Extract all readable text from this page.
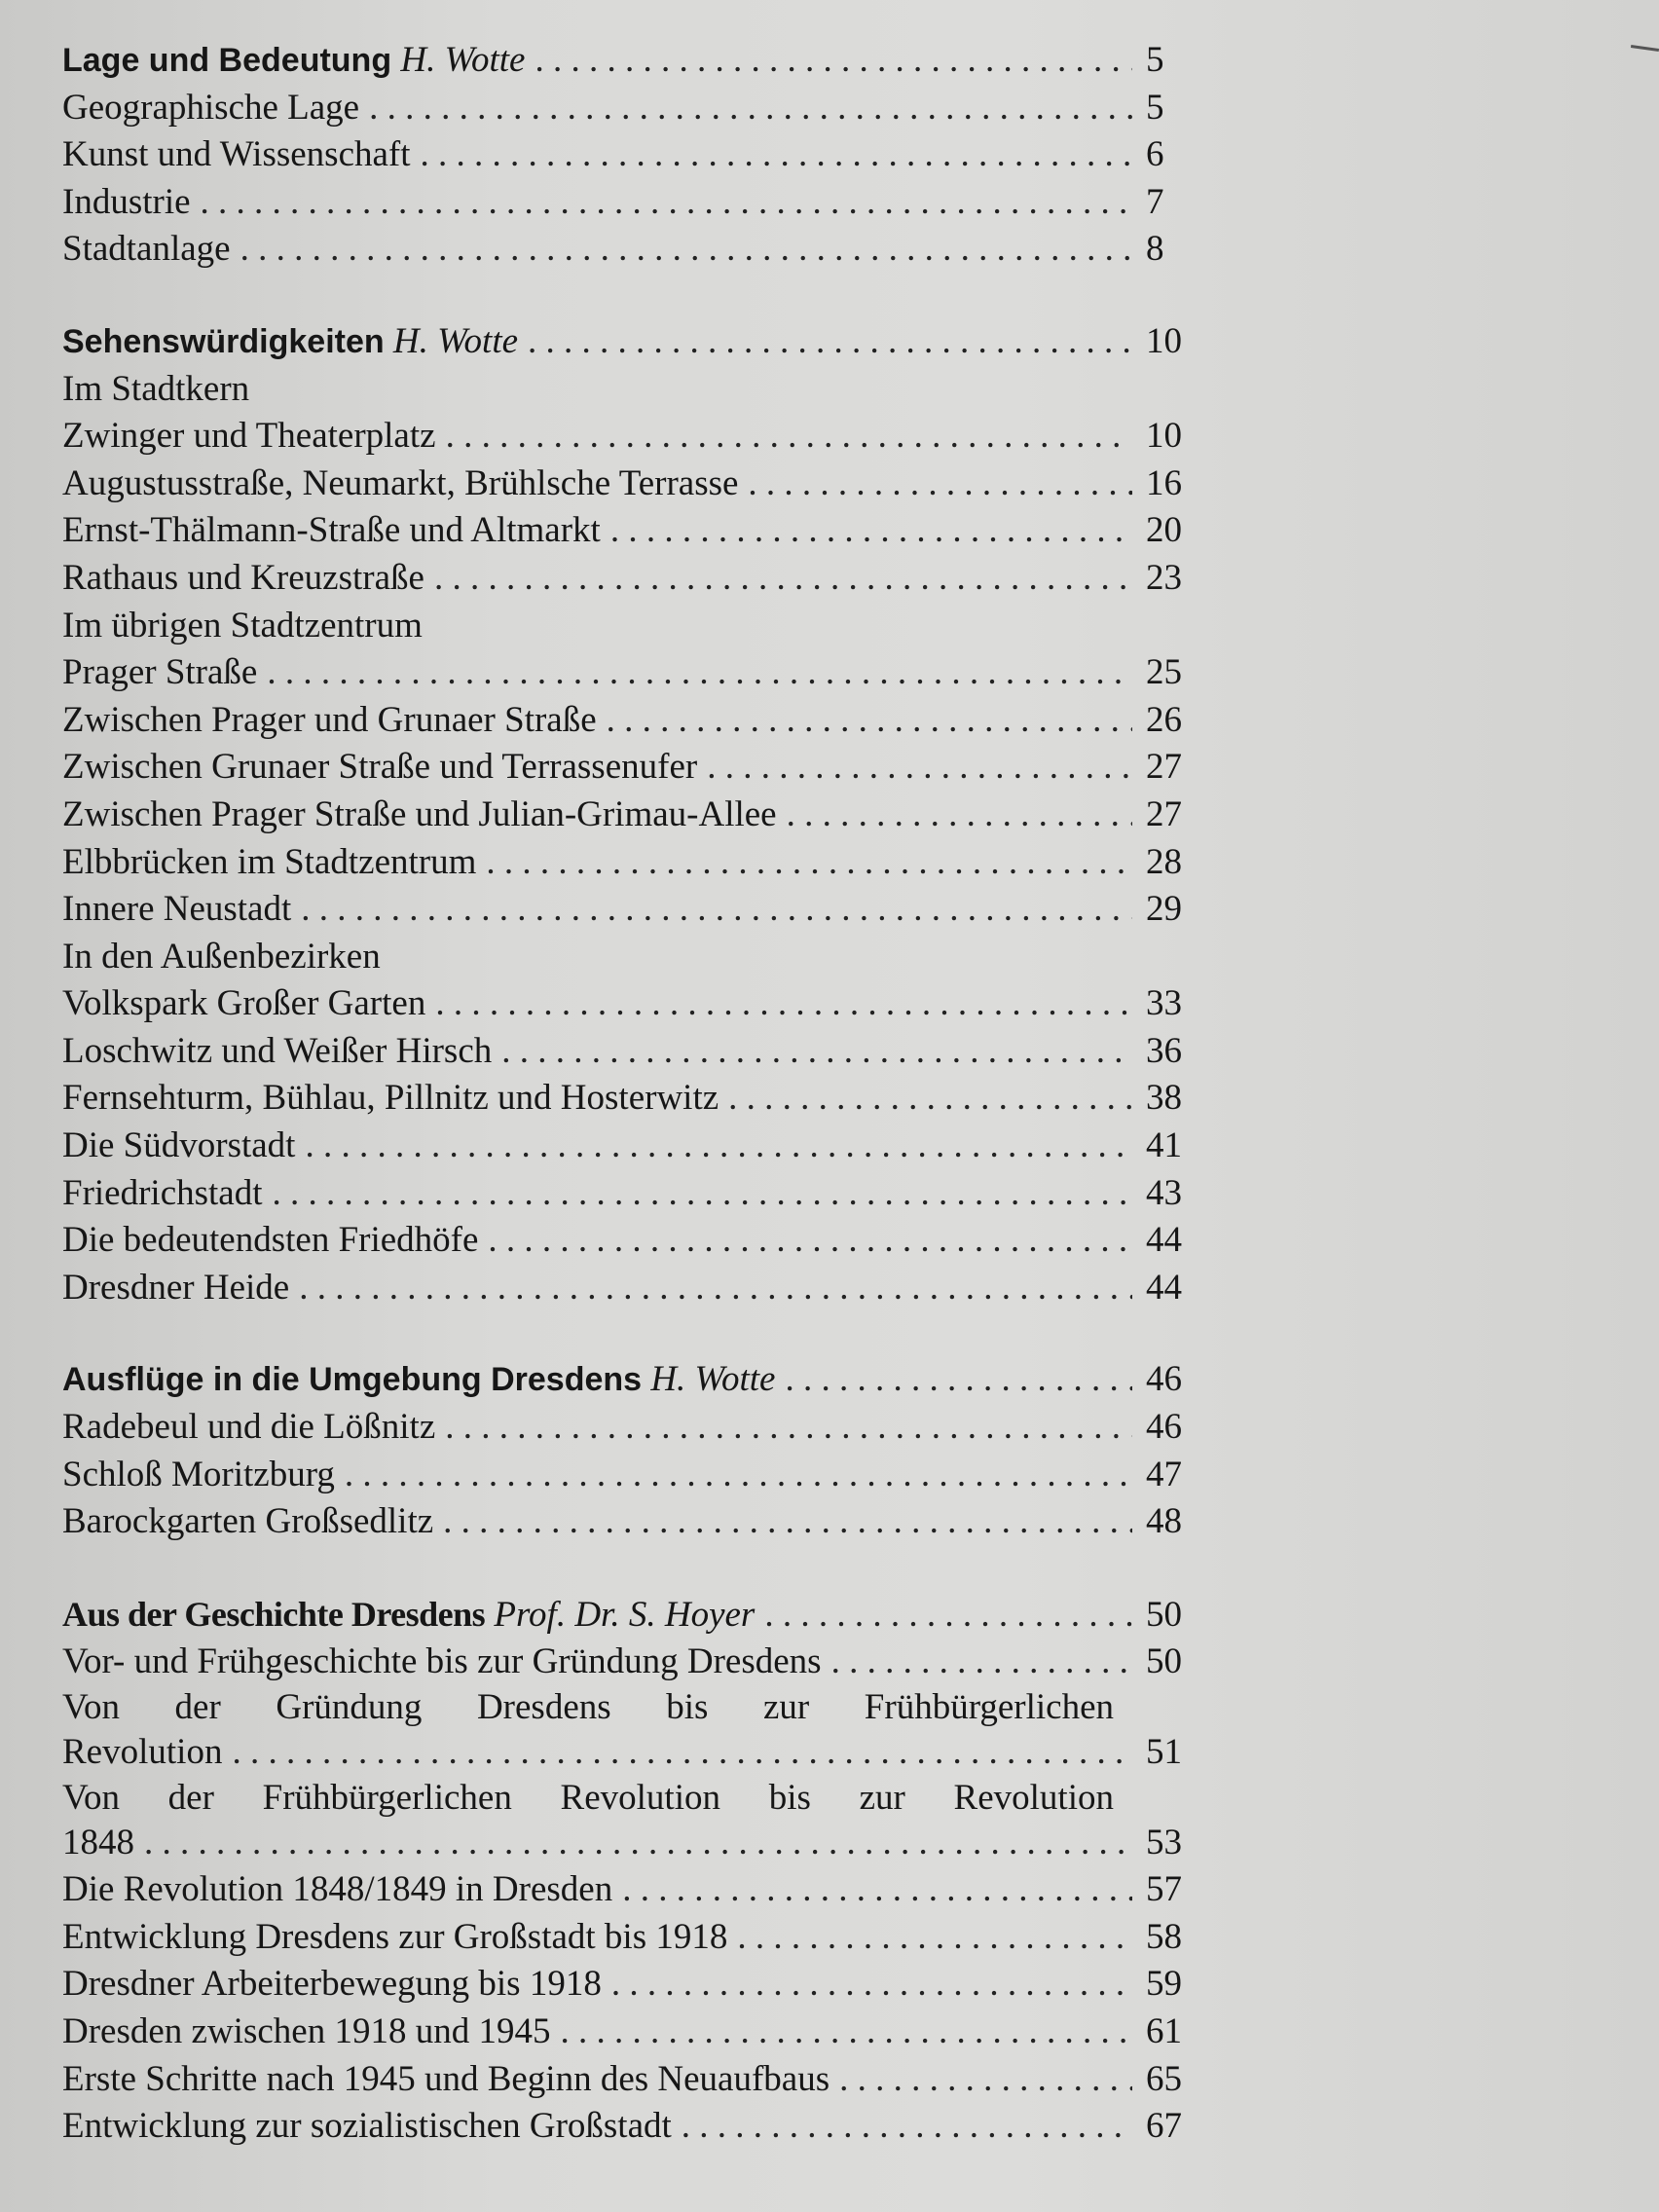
Lage und Bedeutung H. Wotte . . .	5
Geographische Lage . . .	5
Kunst und Wissenschaft . . .	6
Industrie . . .	7
Stadtanlage . . .	8
Sehenswürdigkeiten H. Wotte . . .	10
Im Stadtkern
Zwinger und Theaterplatz . . .	10
Augustusstraße, Neumarkt, Brühlsche Terrasse . . .	16
Ernst-Thälmann-Straße und Altmarkt . . .	20
Rathaus und Kreuzstraße . . .	23
Im übrigen Stadtzentrum
Prager Straße . . .	25
Zwischen Prager und Grunaer Straße . . .	26
Zwischen Grunaer Straße und Terrassenufer . . .	27
Zwischen Prager Straße und Julian-Grimau-Allee . . .	27
Elbbrücken im Stadtzentrum . . .	28
Innere Neustadt . . .	29
In den Außenbezirken
Volkspark Großer Garten . . .	33
Loschwitz und Weißer Hirsch . . .	36
Fernsehturm, Bühlau, Pillnitz und Hosterwitz . . .	38
Die Südvorstadt . . .	41
Friedrichstadt . . .	43
Die bedeutendsten Friedhöfe . . .	44
Dresdner Heide . . .	44
Ausflüge in die Umgebung Dresdens H. Wotte . . .	46
Radebeul und die Lößnitz . . .	46
Schloß Moritzburg . . .	47
Barockgarten Großsedlitz . . .	48
Aus der Geschichte Dresdens Prof. Dr. S. Hoyer . . .	50
Vor- und Frühgeschichte bis zur Gründung Dresdens . . .	50
Von der Gründung Dresdens bis zur Frühbürgerlichen
Revolution . . .	51
Von der Frühbürgerlichen Revolution bis zur Revolution
1848 . . .	53
Die Revolution 1848/1849 in Dresden . . .	57
Entwicklung Dresdens zur Großstadt bis 1918 . . .	58
Dresdner Arbeiterbewegung bis 1918 . . .	59
Dresden zwischen 1918 und 1945 . . .	61
Erste Schritte nach 1945 und Beginn des Neuaufbaus . . .	65
Entwicklung zur sozialistischen Großstadt . . .	67
